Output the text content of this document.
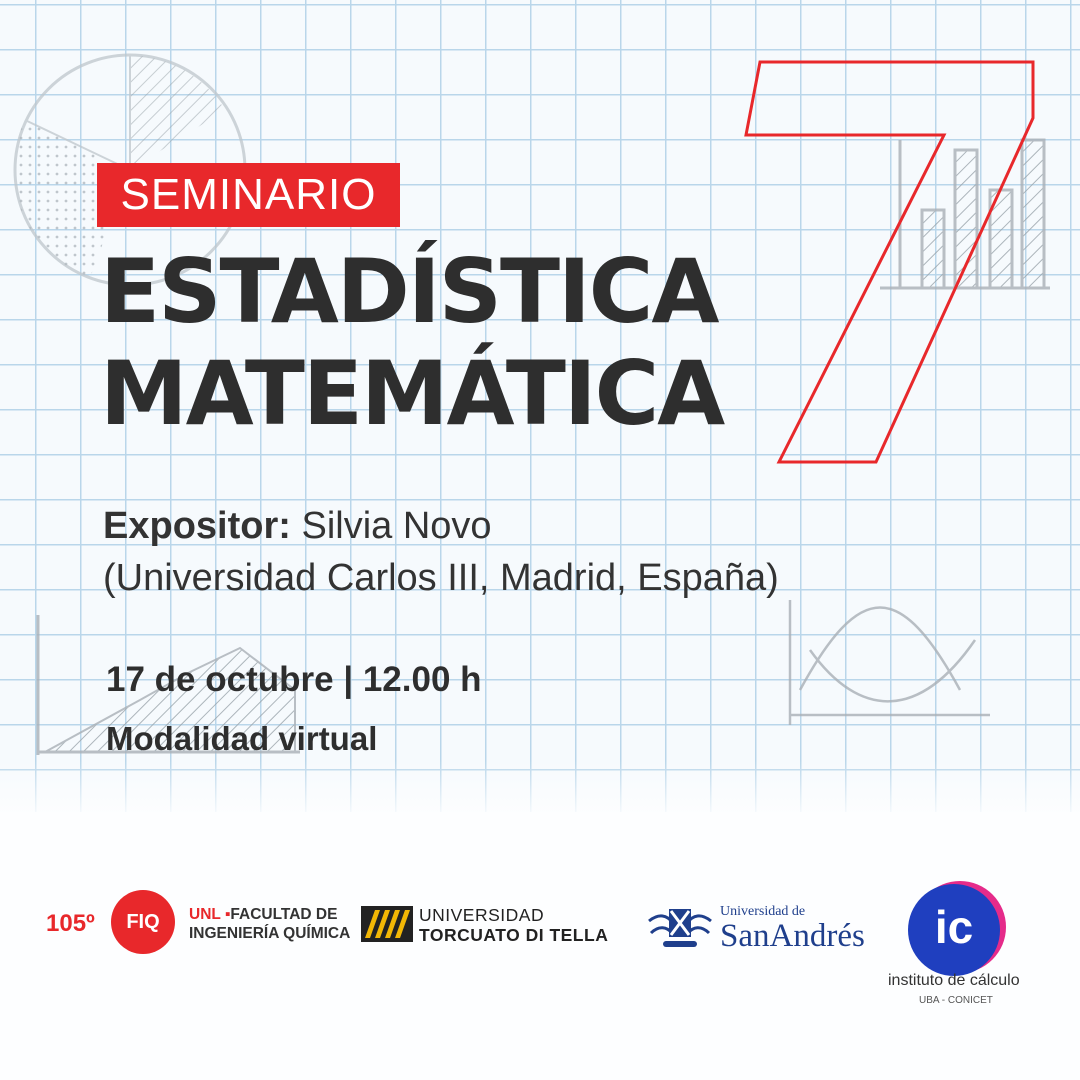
SEMINARIO
ESTADÍSTICA
MATEMÁTICA
Expositor: Silvia Novo
(Universidad Carlos III, Madrid, España)
17 de octubre | 12.00 h
Modalidad virtual
105º	FIQ	UNL ▪FACULTAD DE
INGENIERÍA QUÍMICA
UNIVERSIDAD
TORCUATO DI TELLA
Universidad de
SanAndrés	ic
instituto de cálculo
UBA - CONICET
